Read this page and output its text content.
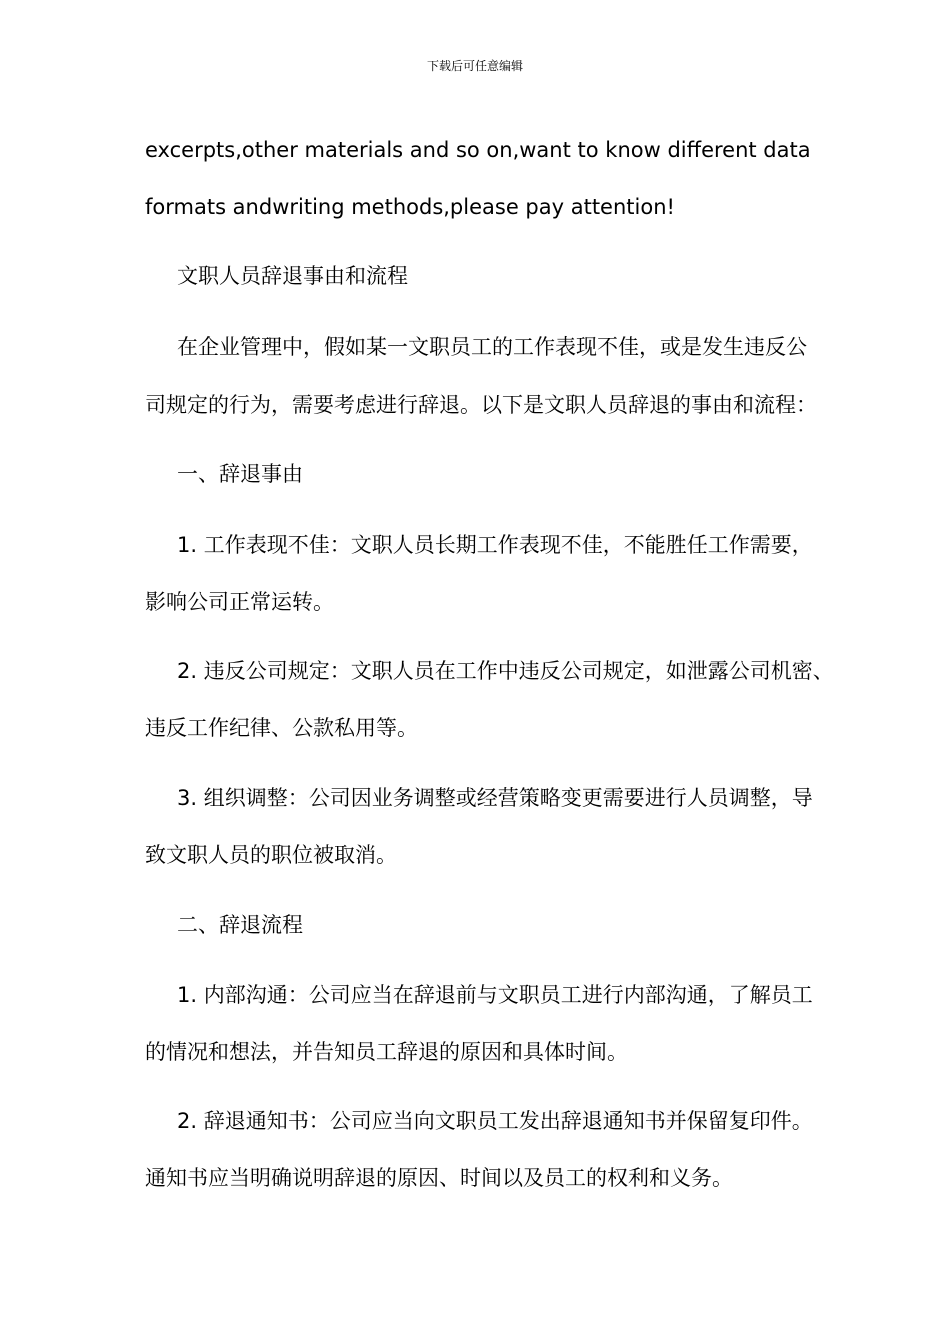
下载后可任意编辑
excerpts,other materials and so on,want to know different data
formats andwriting methods,please pay attention!
文职人员辞退事由和流程
在企业管理中，假如某一文职员工的工作表现不佳，或是发生违反公
司规定的行为，需要考虑进行辞退。以下是文职人员辞退的事由和流程：
一、辞退事由
1. 工作表现不佳：文职人员长期工作表现不佳，不能胜任工作需要，
影响公司正常运转。
2. 违反公司规定：文职人员在工作中违反公司规定，如泄露公司机密、
违反工作纪律、公款私用等。
3. 组织调整：公司因业务调整或经营策略变更需要进行人员调整，导
致文职人员的职位被取消。
二、辞退流程
1. 内部沟通：公司应当在辞退前与文职员工进行内部沟通，了解员工
的情况和想法，并告知员工辞退的原因和具体时间。
2. 辞退通知书：公司应当向文职员工发出辞退通知书并保留复印件。
通知书应当明确说明辞退的原因、时间以及员工的权利和义务。
